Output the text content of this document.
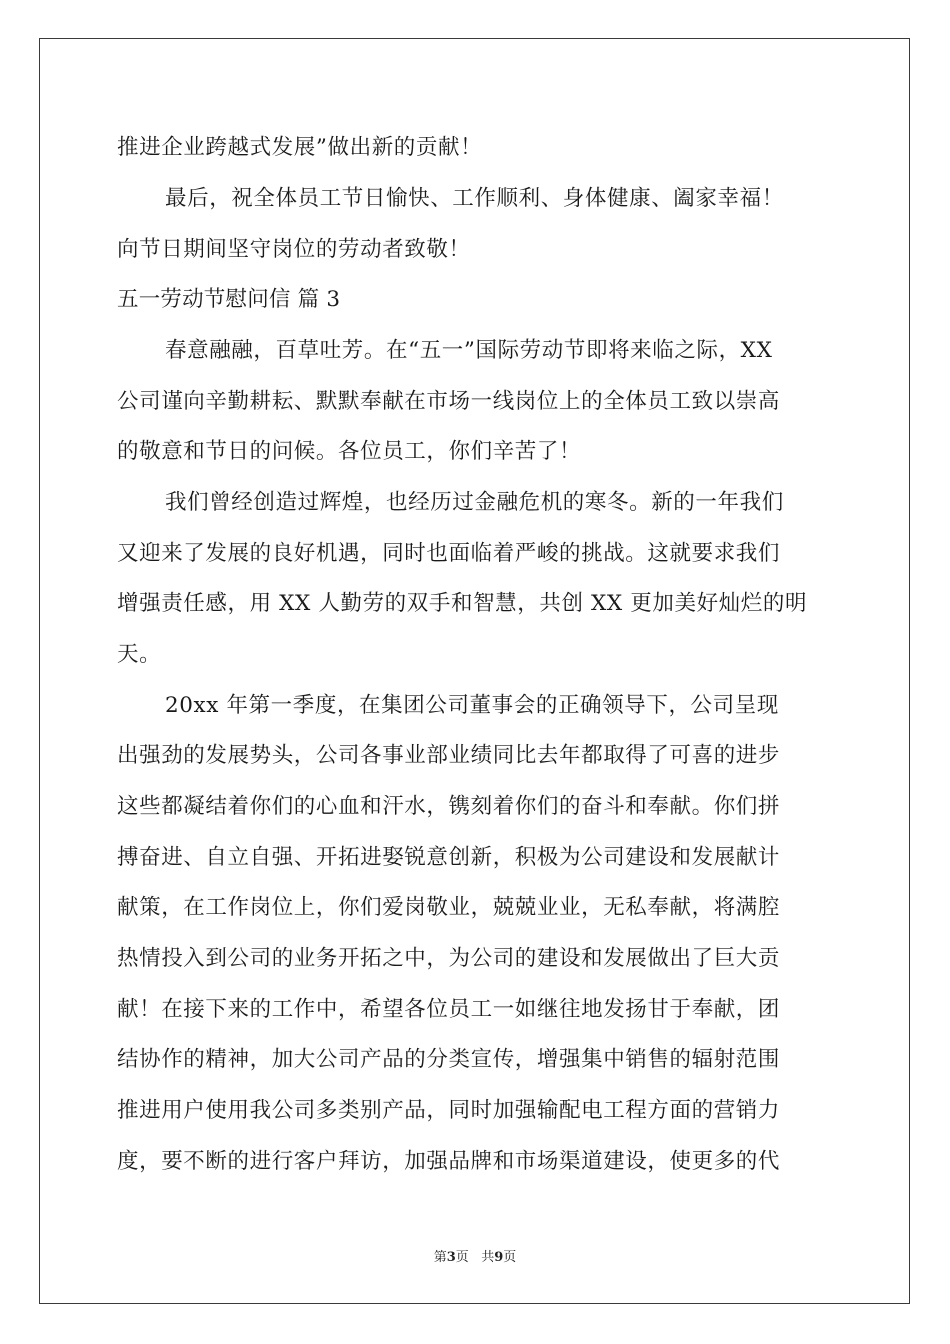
推进企业跨越式发展”做出新的贡献！
最后，祝全体员工节日愉快、工作顺利、身体健康、阖家幸福！
向节日期间坚守岗位的劳动者致敬！
五一劳动节慰问信 篇 3
春意融融，百草吐芳。在“五一”国际劳动节即将来临之际，XX
公司谨向辛勤耕耘、默默奉献在市场一线岗位上的全体员工致以崇高
的敬意和节日的问候。各位员工，你们辛苦了！
我们曾经创造过辉煌，也经历过金融危机的寒冬。新的一年我们
又迎来了发展的良好机遇，同时也面临着严峻的挑战。这就要求我们
增强责任感，用 XX 人勤劳的双手和智慧，共创 XX 更加美好灿烂的明
天。
20xx 年第一季度，在集团公司董事会的正确领导下，公司呈现
出强劲的发展势头，公司各事业部业绩同比去年都取得了可喜的进步
这些都凝结着你们的心血和汗水，镌刻着你们的奋斗和奉献。你们拼
搏奋进、自立自强、开拓进娶锐意创新，积极为公司建设和发展献计
献策，在工作岗位上，你们爱岗敬业，兢兢业业，无私奉献，将满腔
热情投入到公司的业务开拓之中，为公司的建设和发展做出了巨大贡
献！在接下来的工作中，希望各位员工一如继往地发扬甘于奉献，团
结协作的精神，加大公司产品的分类宣传，增强集中销售的辐射范围
推进用户使用我公司多类别产品，同时加强输配电工程方面的营销力
度，要不断的进行客户拜访，加强品牌和市场渠道建设，使更多的代
第3页   共9页
